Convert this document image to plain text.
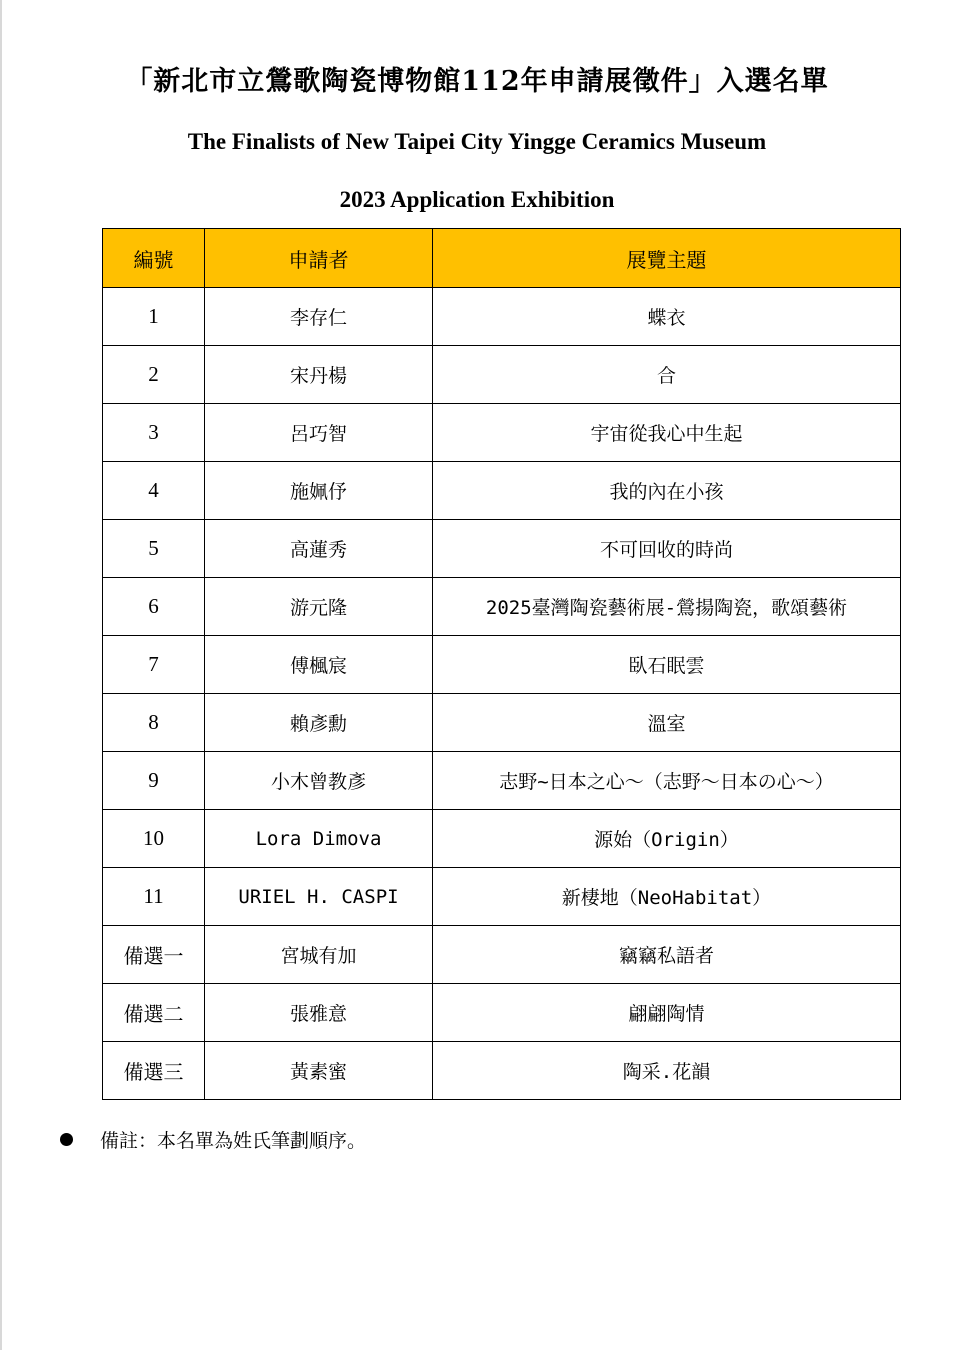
「新北市立鶯歌陶瓷博物館112年申請展徵件」入選名單
The Finalists of New Taipei City Yingge Ceramics Museum
2023 Application Exhibition
編號	申請者	展覽主題
1	李存仁	蝶衣
2	宋丹楊	合
3	呂巧智	宇宙從我心中生起
4	施姵伃	我的內在小孩
5	高蓮秀	不可回收的時尚
6	游元隆	2025臺灣陶瓷藝術展-鶯揚陶瓷，歌頌藝術
7	傅楓宸	臥石眠雲
8	賴彥勳	溫室
9	小木曾教彥	志野~日本之心～（志野～日本の心～）
10	Lora Dimova	源始（Origin）
11	URIEL H. CASPI	新棲地（NeoHabitat）
備選一	宮城有加	竊竊私語者
備選二	張雅意	翩翩陶情
備選三	黃素蜜	陶采.花韻
備註：本名單為姓氏筆劃順序。
